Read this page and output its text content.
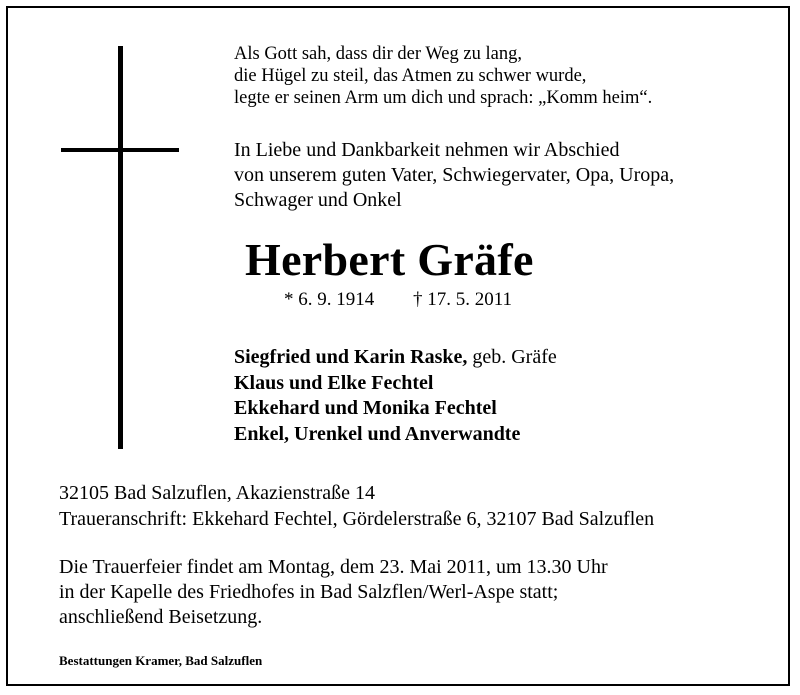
Als Gott sah, dass dir der Weg zu lang,
die Hügel zu steil, das Atmen zu schwer wurde,
legte er seinen Arm um dich und sprach: „Komm heim“.
In Liebe und Dankbarkeit nehmen wir Abschied
von unserem guten Vater, Schwiegervater, Opa, Uropa,
Schwager und Onkel
Herbert Gräfe
* 6. 9. 1914 † 17. 5. 2011
Siegfried und Karin Raske, geb. Gräfe
Klaus und Elke Fechtel
Ekkehard und Monika Fechtel
Enkel, Urenkel und Anverwandte
32105 Bad Salzuflen, Akazienstraße 14
Traueranschrift: Ekkehard Fechtel, Gördelerstraße 6, 32107 Bad Salzuflen
Die Trauerfeier findet am Montag, dem 23. Mai 2011, um 13.30 Uhr
in der Kapelle des Friedhofes in Bad Salzflen/Werl-Aspe statt;
anschließend Beisetzung.
Bestattungen Kramer, Bad Salzuflen
